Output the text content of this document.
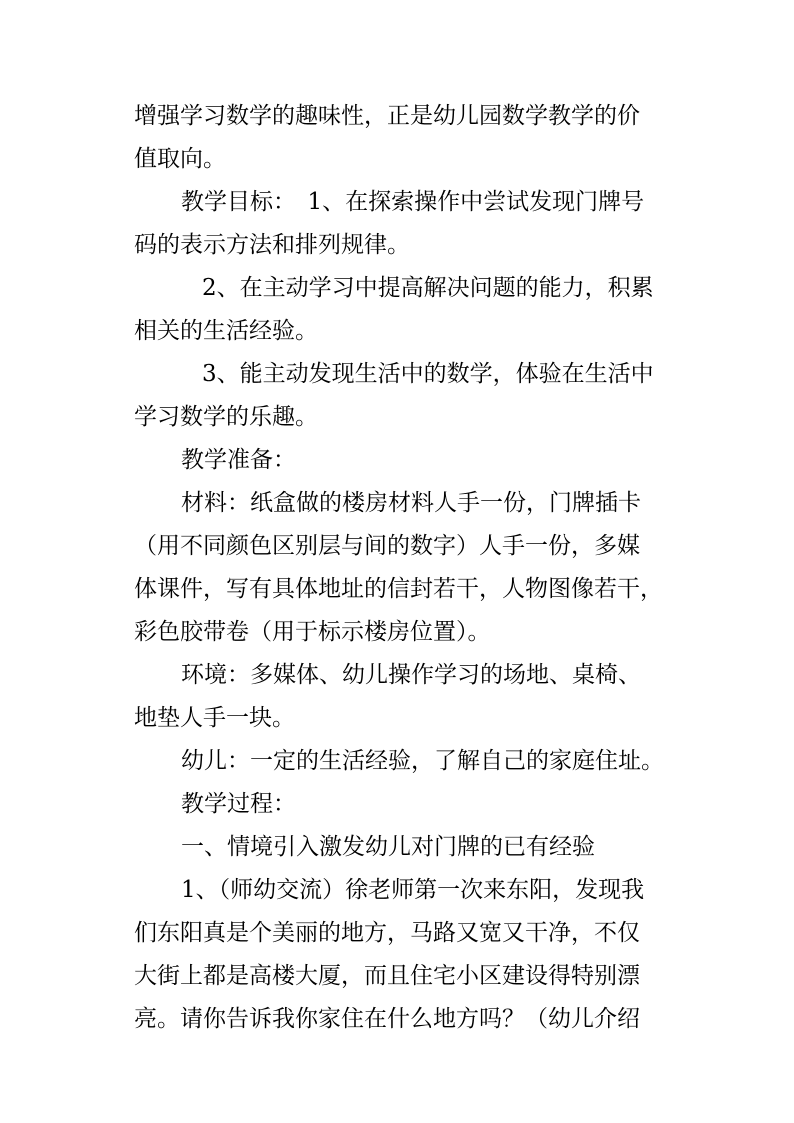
增强学习数学的趣味性，正是幼儿园数学教学的价
值取向。
教学目标：　1、在探索操作中尝试发现门牌号
码的表示方法和排列规律。
2、在主动学习中提高解决问题的能力，积累
相关的生活经验。
3、能主动发现生活中的数学，体验在生活中
学习数学的乐趣。
教学准备：
材料：纸盒做的楼房材料人手一份，门牌插卡
（用不同颜色区别层与间的数字）人手一份，多媒
体课件，写有具体地址的信封若干，人物图像若干，
彩色胶带卷（用于标示楼房位置）。
环境：多媒体、幼儿操作学习的场地、桌椅、
地垫人手一块。
幼儿：一定的生活经验，了解自己的家庭住址。
教学过程：
一、情境引入激发幼儿对门牌的已有经验
1、（师幼交流）徐老师第一次来东阳，发现我
们东阳真是个美丽的地方，马路又宽又干净，不仅
大街上都是高楼大厦，而且住宅小区建设得特别漂
亮。请你告诉我你家住在什么地方吗？（幼儿介绍
